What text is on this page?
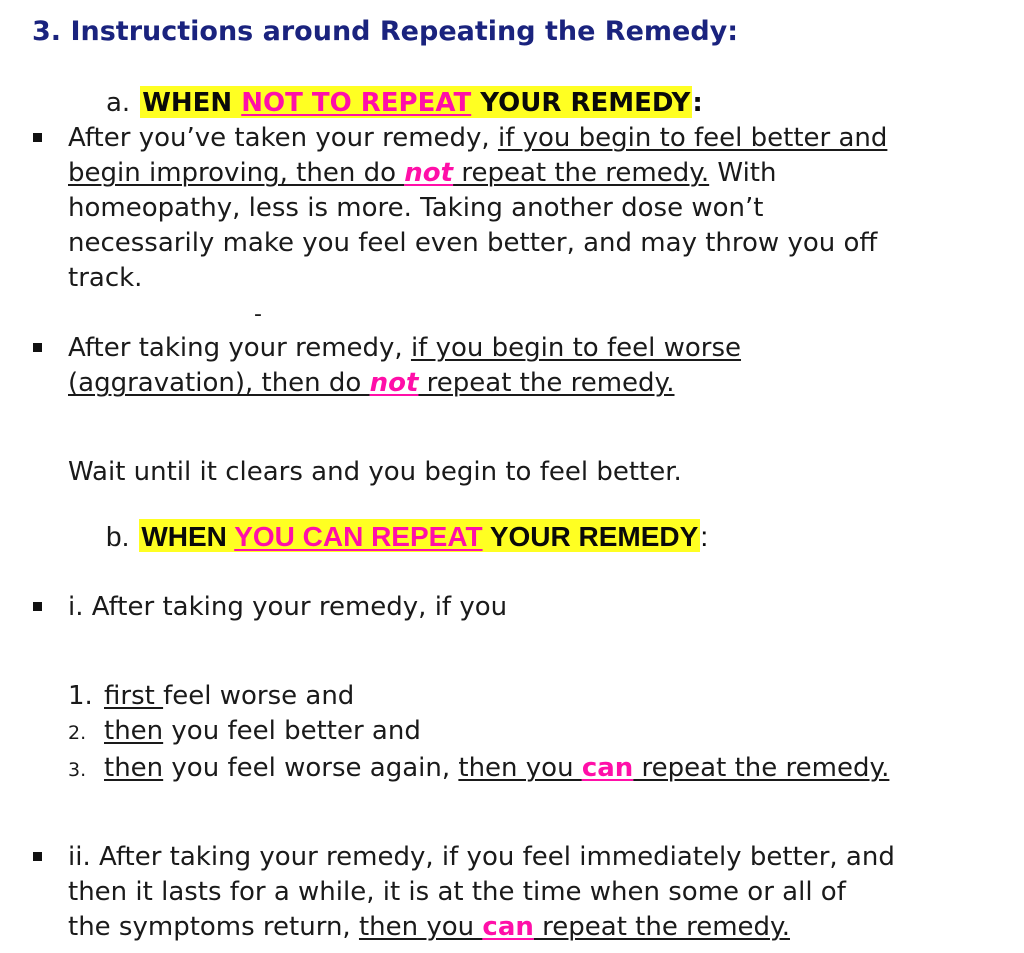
3. Instructions around Repeating the Remedy:
a. WHEN NOT TO REPEAT YOUR REMEDY:
After you’ve taken your remedy, if you begin to feel better and
begin improving, then do not repeat the remedy. With
homeopathy, less is more. Taking another dose won’t
necessarily make you feel even better, and may throw you off
track.
-
After taking your remedy, if you begin to feel worse
(aggravation), then do not repeat the remedy.
Wait until it clears and you begin to feel better.
b. WHEN YOU CAN REPEAT YOUR REMEDY:
i. After taking your remedy, if you
1. first feel worse and
2. then you feel better and
3. then you feel worse again, then you can repeat the remedy.
ii. After taking your remedy, if you feel immediately better, and
then it lasts for a while, it is at the time when some or all of
the symptoms return, then you can repeat the remedy.
